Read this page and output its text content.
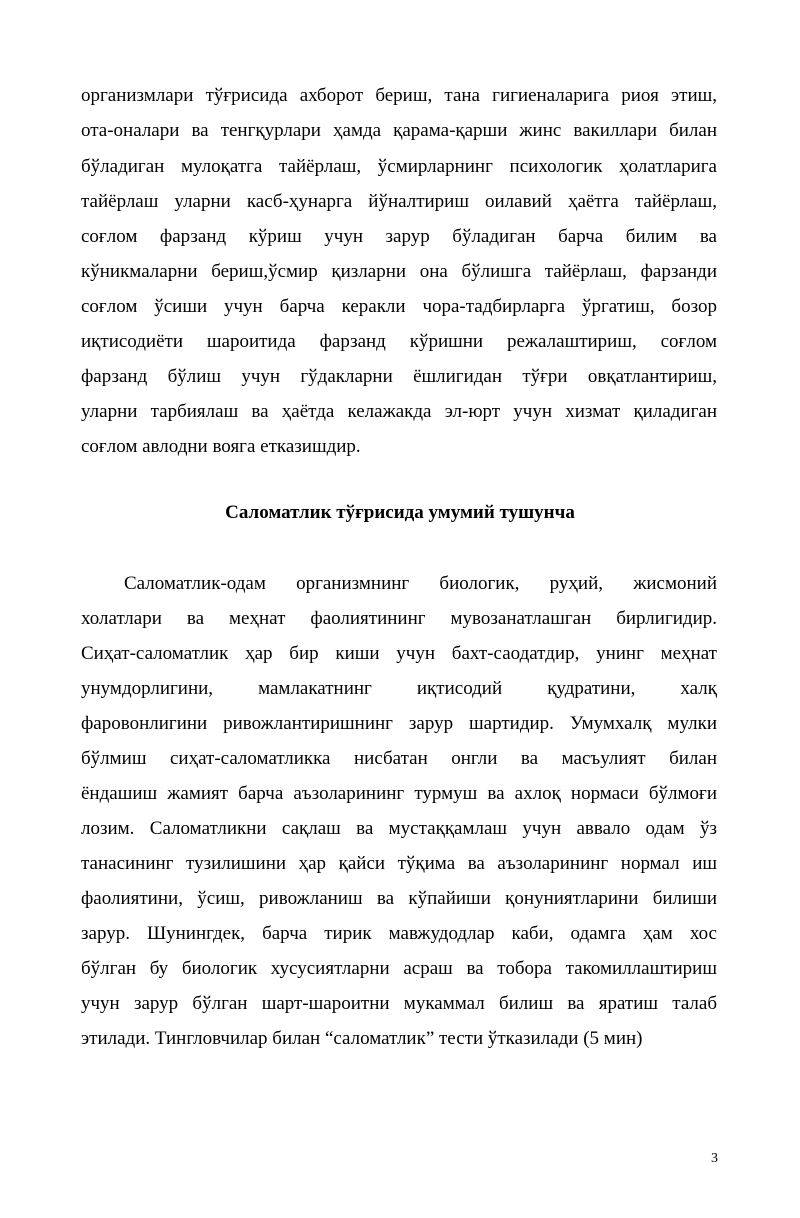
организмлари тўғрисида ахборот бериш, тана гигиеналарига риоя этиш,
ота-оналари ва тенгқурлари ҳамда қарама-қарши жинс вакиллари билан
бўладиган мулоқатга тайёрлаш, ўсмирларнинг психологик ҳолатларига
тайёрлаш уларни касб-ҳунарга йўналтириш оилавий ҳаётга тайёрлаш,
соғлом фарзанд кўриш учун зарур бўладиган барча билим ва
кўникмаларни бериш,ўсмир қизларни она бўлишга тайёрлаш, фарзанди
соғлом ўсиши учун барча керакли чора-тадбирларга ўргатиш, бозор
иқтисодиёти шароитида фарзанд кўришни режалаштириш, соғлом
фарзанд бўлиш учун гўдакларни ёшлигидан тўғри овқатлантириш,
уларни тарбиялаш ва ҳаётда келажакда эл-юрт учун хизмат қиладиган
соғлом авлодни вояга етказишдир.
Саломатлик тўғрисида умумий тушунча
Саломатлик-одам организмнинг биологик, руҳий, жисмоний
холатлари ва меҳнат фаолиятининг мувозанатлашган бирлигидир.
Сиҳат-саломатлик ҳар бир киши учун бахт-саодатдир, унинг меҳнат
унумдорлигини, мамлакатнинг иқтисодий қудратини, халқ
фаровонлигини ривожлантиришнинг зарур шартидир. Умумхалқ мулки
бўлмиш сиҳат-саломатликка нисбатан онгли ва масъулият билан
ёндашиш жамият барча аъзоларининг турмуш ва ахлоқ нормаси бўлмоғи
лозим. Саломатликни сақлаш ва мустаққамлаш учун аввало одам ўз
танасининг тузилишини ҳар қайси тўқима ва аъзоларининг нормал иш
фаолиятини, ўсиш, ривожланиш ва кўпайиши қонуниятларини билиши
зарур. Шунингдек, барча тирик мавжудодлар каби, одамга ҳам хос
бўлган бу биологик хусусиятларни асраш ва тобора такомиллаштириш
учун зарур бўлган шарт-шароитни мукаммал билиш ва яратиш талаб
этилади. Тингловчилар билан “саломатлик” тести ўтказилади (5 мин)
3
